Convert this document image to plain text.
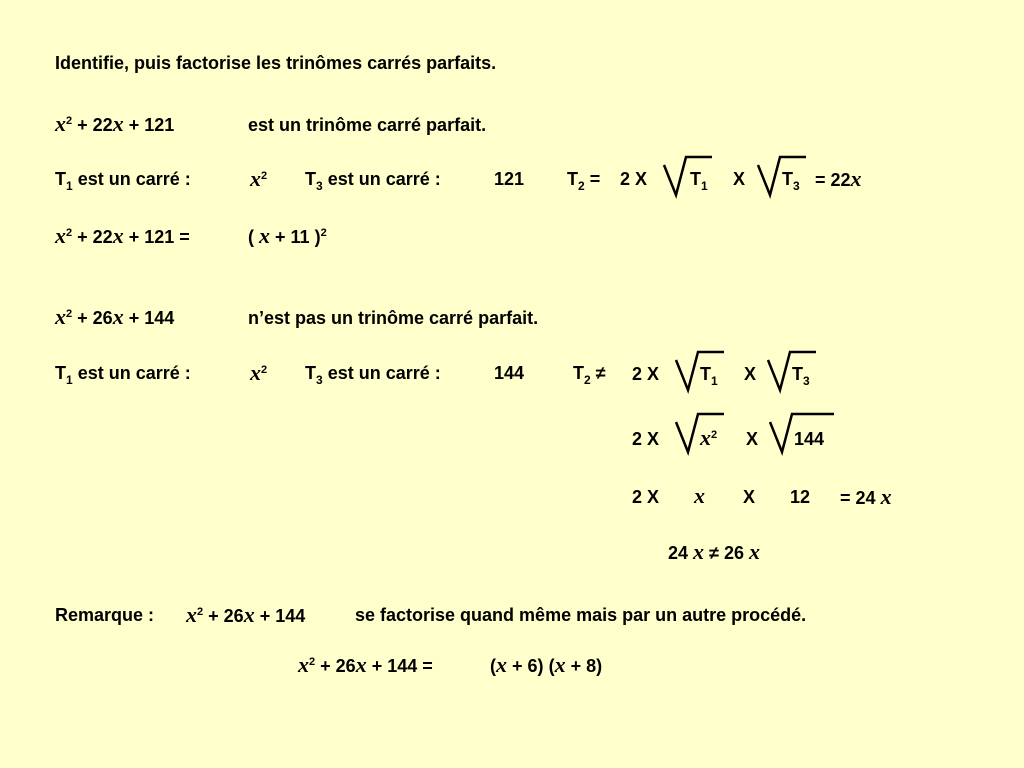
Identifie, puis factorise les trinômes carrés parfaits.
$x^2 + 22x + 121$	est un trinôme carré parfait.
$T_1$ est un carré :	$x^2$ $T_3$ est un carré :	121 $T_2 = 2$ X $T_1$ X $T_3 = 22x$
$x^2 + 22x + 121$ =	( x + 11 )$^2$
$x^2 + 26x + 144$	n’est pas un trinôme carré parfait.
$T_1$ est un carré :	$x^2$ $T_3$ est un carré :	144	$T_2 \ne 2$ X $T_1$ X $T_3$
2 X $x^2$ X 144
2 X x X 12 = 24 x
24 x ≠ 26 x
Remarque : $x^2 + 26x + 144$	se factorise quand même mais par un autre procédé.
$x^2 + 26x + 144$ =	(x + 6) (x + 8)
